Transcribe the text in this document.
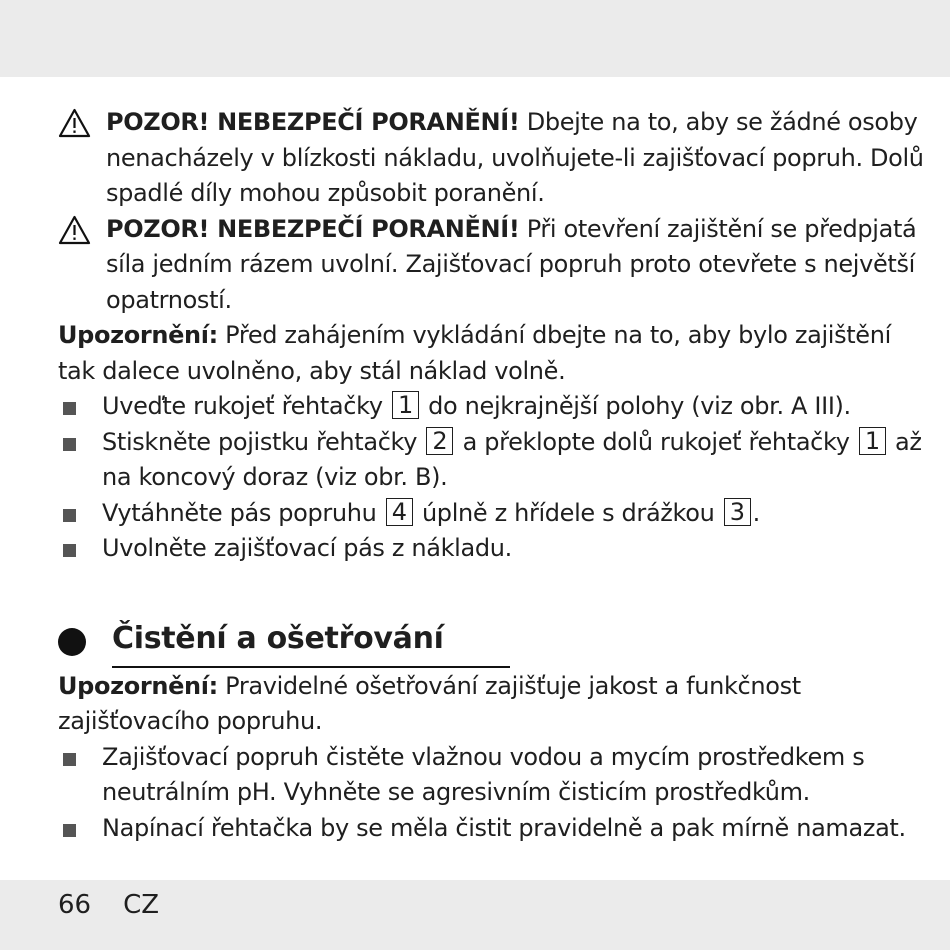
POZOR! NEBEZPEČÍ PORANĚNÍ! Dbejte na to, aby se žádné osoby nenacházely v blízkosti nákladu, uvolňujete-li zajišťovací popruh. Dolů spadlé díly mohou způsobit poranění.
POZOR! NEBEZPEČÍ PORANĚNÍ! Při otevření zajištění se předpjatá síla jedním rázem uvolní. Zajišťovací popruh proto otevřete s největší opatrností.

Upozornění: Před zahájením vykládání dbejte na to, aby bylo zajištění tak dalece uvolněno, aby stál náklad volně.

Uveďte rukojeť řehtačky 1 do nejkrajnější polohy (viz obr. A III).
Stiskněte pojistku řehtačky 2 a překlopte dolů rukojeť řehtačky 1 až na koncový doraz (viz obr. B).
Vytáhněte pás popruhu 4 úplně z hřídele s drážkou 3 .
Uvolněte zajišťovací pás z nákladu.
Čistění a ošetřování

Upozornění: Pravidelné ošetřování zajišťuje jakost a funkčnost zajišťovacího popruhu.

Zajišťovací popruh čistěte vlažnou vodou a mycím prostředkem s neutrálním pH. Vyhněte se agresivním čisticím prostředkům.
Napínací řehtačka by se měla čistit pravidelně a pak mírně namazat.
66 CZ
